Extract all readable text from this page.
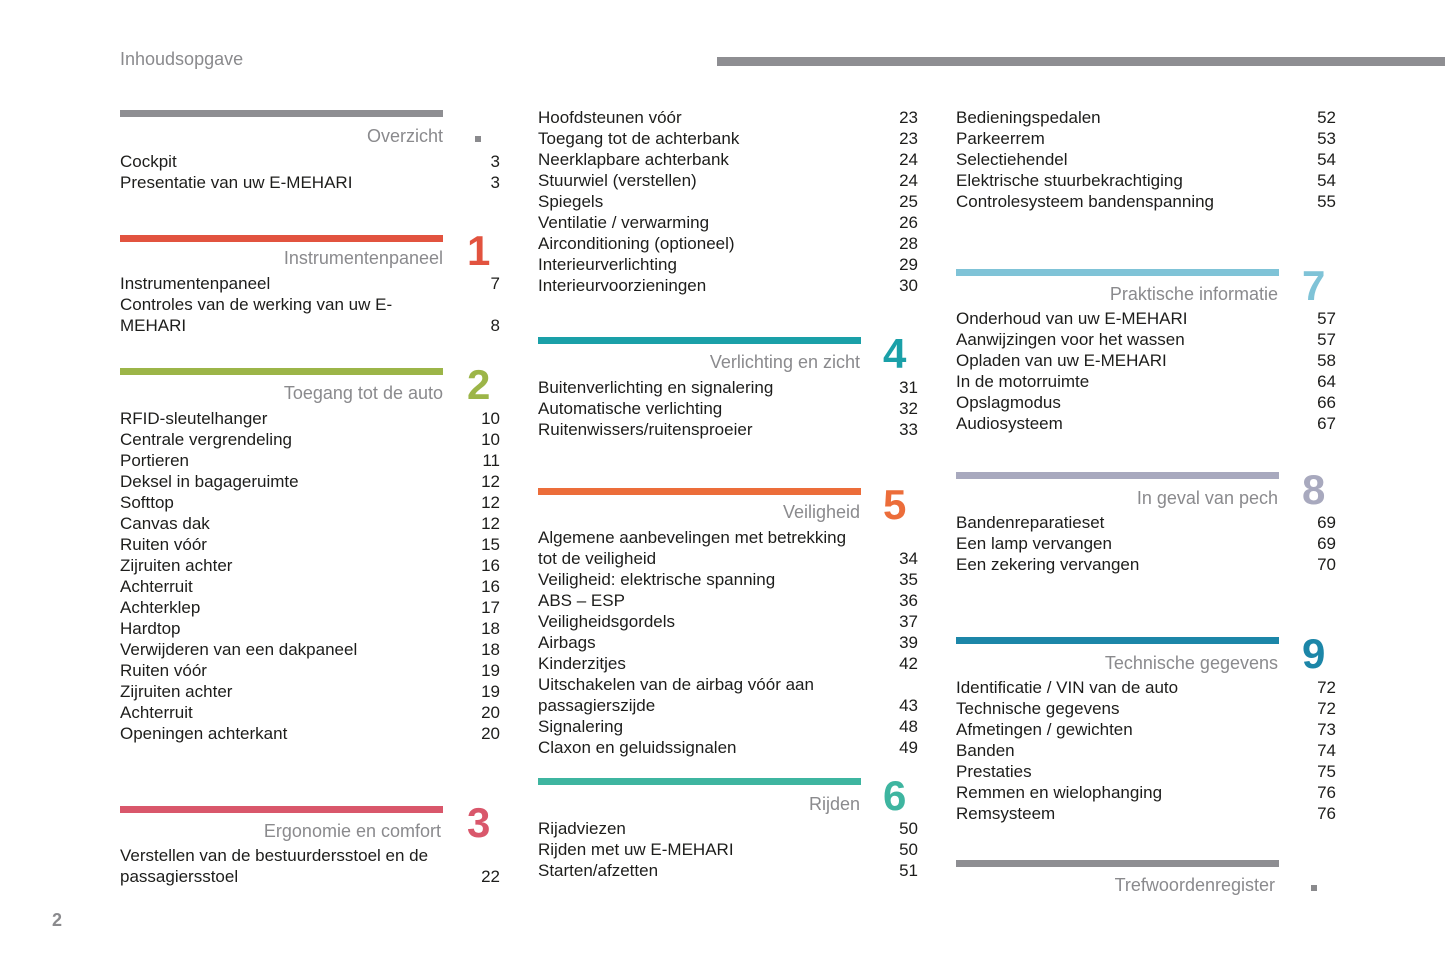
Inhoudsopgave
2
Overzicht
Cockpit	3
Presentatie van uw E-MEHARI	3
Instrumentenpaneel 1
Instrumentenpaneel	7
Controles van de werking van uw E-MEHARI	8
Toegang tot de auto 2
RFID-sleutelhanger	10
Centrale vergrendeling	10
Portieren	11
Deksel in bagageruimte	12
Softtop	12
Canvas dak	12
Ruiten vóór	15
Zijruiten achter	16
Achterruit	16
Achterklep	17
Hardtop	18
Verwijderen van een dakpaneel	18
Ruiten vóór	19
Zijruiten achter	19
Achterruit	20
Openingen achterkant	20
Ergonomie en comfort 3
Verstellen van de bestuurdersstoel en de passagiersstoel	22
Hoofdsteunen vóór	23
Toegang tot de achterbank	23
Neerklapbare achterbank	24
Stuurwiel (verstellen)	24
Spiegels	25
Ventilatie / verwarming	26
Airconditioning (optioneel)	28
Interieurverlichting	29
Interieurvoorzieningen	30
Verlichting en zicht 4
Buitenverlichting en signalering	31
Automatische verlichting	32
Ruitenwissers/ruitensproeier	33
Veiligheid 5
Algemene aanbevelingen met betrekking tot de veiligheid	34
Veiligheid: elektrische spanning	35
ABS – ESP	36
Veiligheidsgordels	37
Airbags	39
Kinderzitjes	42
Uitschakelen van de airbag vóór aan passagierszijde	43
Signalering	48
Claxon en geluidssignalen	49
Rijden 6
Rijadviezen	50
Rijden met uw E-MEHARI	50
Starten/afzetten	51
Bedieningspedalen	52
Parkeerrem	53
Selectiehendel	54
Elektrische stuurbekrachtiging	54
Controlesysteem bandenspanning	55
Praktische informatie 7
Onderhoud van uw E-MEHARI	57
Aanwijzingen voor het wassen	57
Opladen van uw E-MEHARI	58
In de motorruimte	64
Opslagmodus	66
Audiosysteem	67
In geval van pech 8
Bandenreparatieset	69
Een lamp vervangen	69
Een zekering vervangen	70
Technische gegevens 9
Identificatie / VIN van de auto	72
Technische gegevens	72
Afmetingen / gewichten	73
Banden	74
Prestaties	75
Remmen en wielophanging	76
Remsysteem	76
Trefwoordenregister
